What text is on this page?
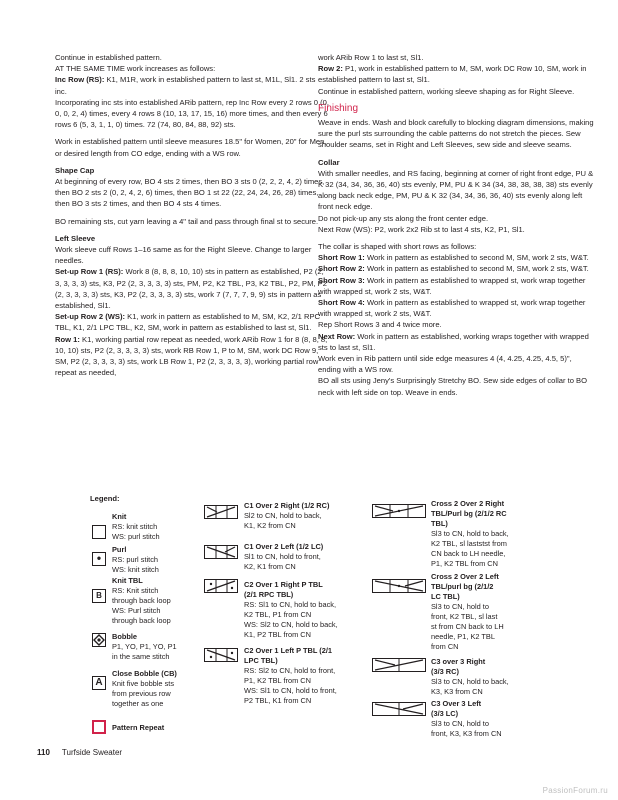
Continue in established pattern.
AT THE SAME TIME work increases as follows:
Inc Row (RS): K1, M1R, work in established pattern to last st, M1L, Sl1. 2 sts inc.
Incorporating inc sts into established ARib pattern, rep Inc Row every 2 rows 0 (0, 0, 0, 2, 4) times, every 4 rows 8 (10, 13, 17, 15, 16) more times, and then every 6 rows 6 (5, 3, 1, 1, 0) times. 72 (74, 80, 84, 88, 92) sts.
Work in established pattern until sleeve measures 18.5" for Women, 20" for Men, or desired length from CO edge, ending with a WS row.
Shape Cap
At beginning of every row, BO 4 sts 2 times, then BO 3 sts 0 (2, 2, 2, 4, 2) times, then BO 2 sts 2 (0, 2, 4, 2, 6) times, then BO 1 st 22 (22, 24, 24, 26, 28) times, then BO 3 sts 2 times, and then BO 4 sts 4 times.
BO remaining sts, cut yarn leaving a 4" tail and pass through final st to secure.
Left Sleeve
Work sleeve cuff Rows 1–16 same as for the Right Sleeve. Change to larger needles.
Set-up Row 1 (RS): Work 8 (8, 8, 8, 10, 10) sts in pattern as established, P2 (2, 3, 3, 3, 3) sts, K3, P2 (2, 3, 3, 3, 3) sts, PM, P2, K2 TBL, P3, K2 TBL, P2, PM, P2 (2, 3, 3, 3, 3) sts, K3, P2 (2, 3, 3, 3, 3) sts, work 7 (7, 7, 7, 9, 9) sts in pattern as established, Sl1.
Set-up Row 2 (WS): K1, work in pattern as established to M, SM, K2, 2/1 RPC TBL, K1, 2/1 LPC TBL, K2, SM, work in pattern as established to last st, Sl1.
Row 1: K1, working partial row repeat as needed, work ARib Row 1 for 8 (8, 8, 8, 10, 10) sts, P2 (2, 3, 3, 3, 3) sts, work RB Row 1, P to M, SM, work DC Row 9, SM, P2 (2, 3, 3, 3, 3) sts, work LB Row 1, P2 (2, 3, 3, 3, 3), working partial row repeat as needed,
work ARib Row 1 to last st, Sl1.
Row 2: P1, work in established pattern to M, SM, work DC Row 10, SM, work in established pattern to last st, Sl1.
Continue in established pattern, working sleeve shaping as for Right Sleeve.
Finishing
Weave in ends. Wash and block carefully to blocking diagram dimensions, making sure the purl sts surrounding the cable patterns do not stretch the pieces. Sew shoulder seams, set in Right and Left Sleeves, sew side and sleeve seams.
Collar
With smaller needles, and RS facing, beginning at corner of right front edge, PU & K 32 (34, 34, 36, 36, 40) sts evenly, PM, PU & K 34 (34, 38, 38, 38, 38) sts evenly along back neck edge, PM, PU & K 32 (34, 34, 36, 36, 40) sts evenly along left front neck edge.
Do not pick-up any sts along the front center edge.
Next Row (WS): P2, work 2x2 Rib st to last 4 sts, K2, P1, Sl1.
The collar is shaped with short rows as follows:
Short Row 1: Work in pattern as established to second M, SM, work 2 sts, W&T.
Short Row 2: Work in pattern as established to second M, SM, work 2 sts, W&T.
Short Row 3: Work in pattern as established to wrapped st, work wrap together with wrapped st, work 2 sts, W&T.
Short Row 4: Work in pattern as established to wrapped st, work wrap together with wrapped st, work 2 sts, W&T.
Rep Short Rows 3 and 4 twice more.
Next Row: Work in pattern as established, working wraps together with wrapped sts to last st, Sl1.
Work even in Rib pattern until side edge measures 4 (4, 4.25, 4.25, 4.5, 5)", ending with a WS row.
BO all sts using Jeny's Surprisingly Stretchy BO. Sew side edges of collar to BO neck with left side on top. Weave in ends.
Legend:
Knit
RS: knit stitch
WS: purl stitch
•
Purl
RS: purl stitch
WS: knit stitch
B
Knit TBL
RS: Knit stitch
through back loop
WS: Purl stitch
through back loop
Bobble
P1, YO, P1, YO, P1
in the same stitch
A
Close Bobble (CB)
Knit five bobble sts
from previous row
together as one
Pattern Repeat
C1 Over 2 Right (1/2 RC)
Sl2 to CN, hold to back,
K1, K2 from CN
C1 Over 2 Left (1/2 LC)
Sl1 to CN, hold to front,
K2, K1 from CN
C2 Over 1 Right P TBL
(2/1 RPC TBL)
RS: Sl1 to CN, hold to back,
K2 TBL, P1 from CN
WS: Sl2 to CN, hold to back,
K1, P2 TBL from CN
C2 Over 1 Left P TBL (2/1
LPC TBL)
RS: Sl2 to CN, hold to front,
P1, K2 TBL from CN
WS: Sl1 to CN, hold to front,
P2 TBL, K1 from CN
Cross 2 Over 2 Right
TBL/Purl bg (2/1/2 RC
TBL)
Sl3 to CN, hold to back,
K2 TBL, sl laststst from
CN back to LH needle,
P1, K2 TBL from CN
Cross 2 Over 2 Left
TBL/purl bg (2/1/2
LC TBL)
Sl3 to CN, hold to
front, K2 TBL, sl last
st from CN back to LH
needle, P1, K2 TBL
from CN
C3 over 3 Right
(3/3 RC)
Sl3 to CN, hold to back,
K3, K3 from CN
C3 Over 3 Left
(3/3 LC)
Sl3 to CN, hold to
front, K3, K3 from CN
110 Turfside Sweater
PassionForum.ru
